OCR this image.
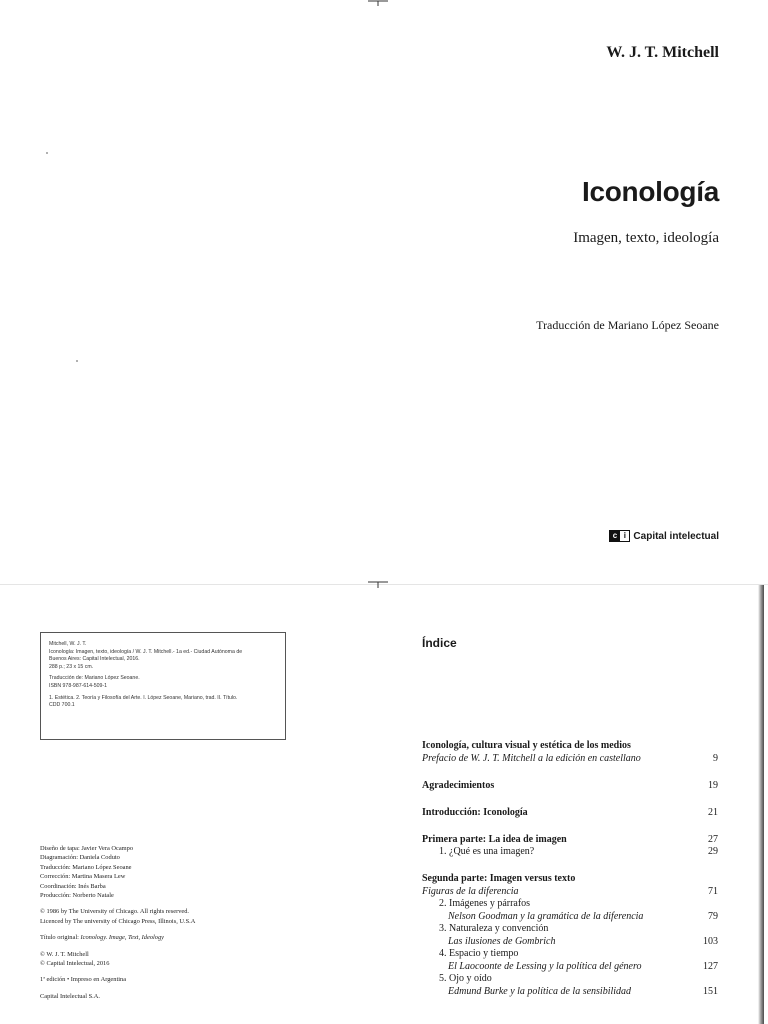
W. J. T. Mitchell
Iconología
Imagen, texto, ideología
Traducción de Mariano López Seoane
c i Capital intelectual

Mitchell, W. J. T.
Iconología: Imagen, texto, ideología / W. J. T. Mitchell.- 1a ed.- Ciudad Autónoma de
Buenos Aires: Capital Intelectual, 2016.
288 p.; 23 x 15 cm.

Traducción de: Mariano López Seoane.
ISBN 978-987-614-509-1

1. Estética. 2. Teoría y Filosofía del Arte. I. López Seoane, Mariano, trad. II. Título.
CDD 700.1

Diseño de tapa: Javier Vera Ocampo
Diagramación: Daniela Coduto
Traducción: Mariano López Seoane
Corrección: Martina Masera Lew
Coordinación: Inés Barba
Producción: Norberto Natale
© 1986 by The University of Chicago. All rights reserved.
Licenced by The university of Chicago Press, Illinois, U.S.A
Título original: Iconology. Image, Text, Ideology
© W. J. T. Mitchell
© Capital Intelectual, 2016
1ª edición • Impreso en Argentina
Capital Intelectual S.A.
Índice
Iconología, cultura visual y estética de los medios
Prefacio de W. J. T. Mitchell a la edición en castellano	9
Agradecimientos	19
Introducción: Iconología	21
Primera parte: La idea de imagen	27
1. ¿Qué es una imagen?	29
Segunda parte: Imagen versus texto
Figuras de la diferencia	71
2. Imágenes y párrafos
Nelson Goodman y la gramática de la diferencia	79
3. Naturaleza y convención
Las ilusiones de Gombrich	103
4. Espacio y tiempo
El Laocoonte de Lessing y la política del género	127
5. Ojo y oído
Edmund Burke y la política de la sensibilidad	151
